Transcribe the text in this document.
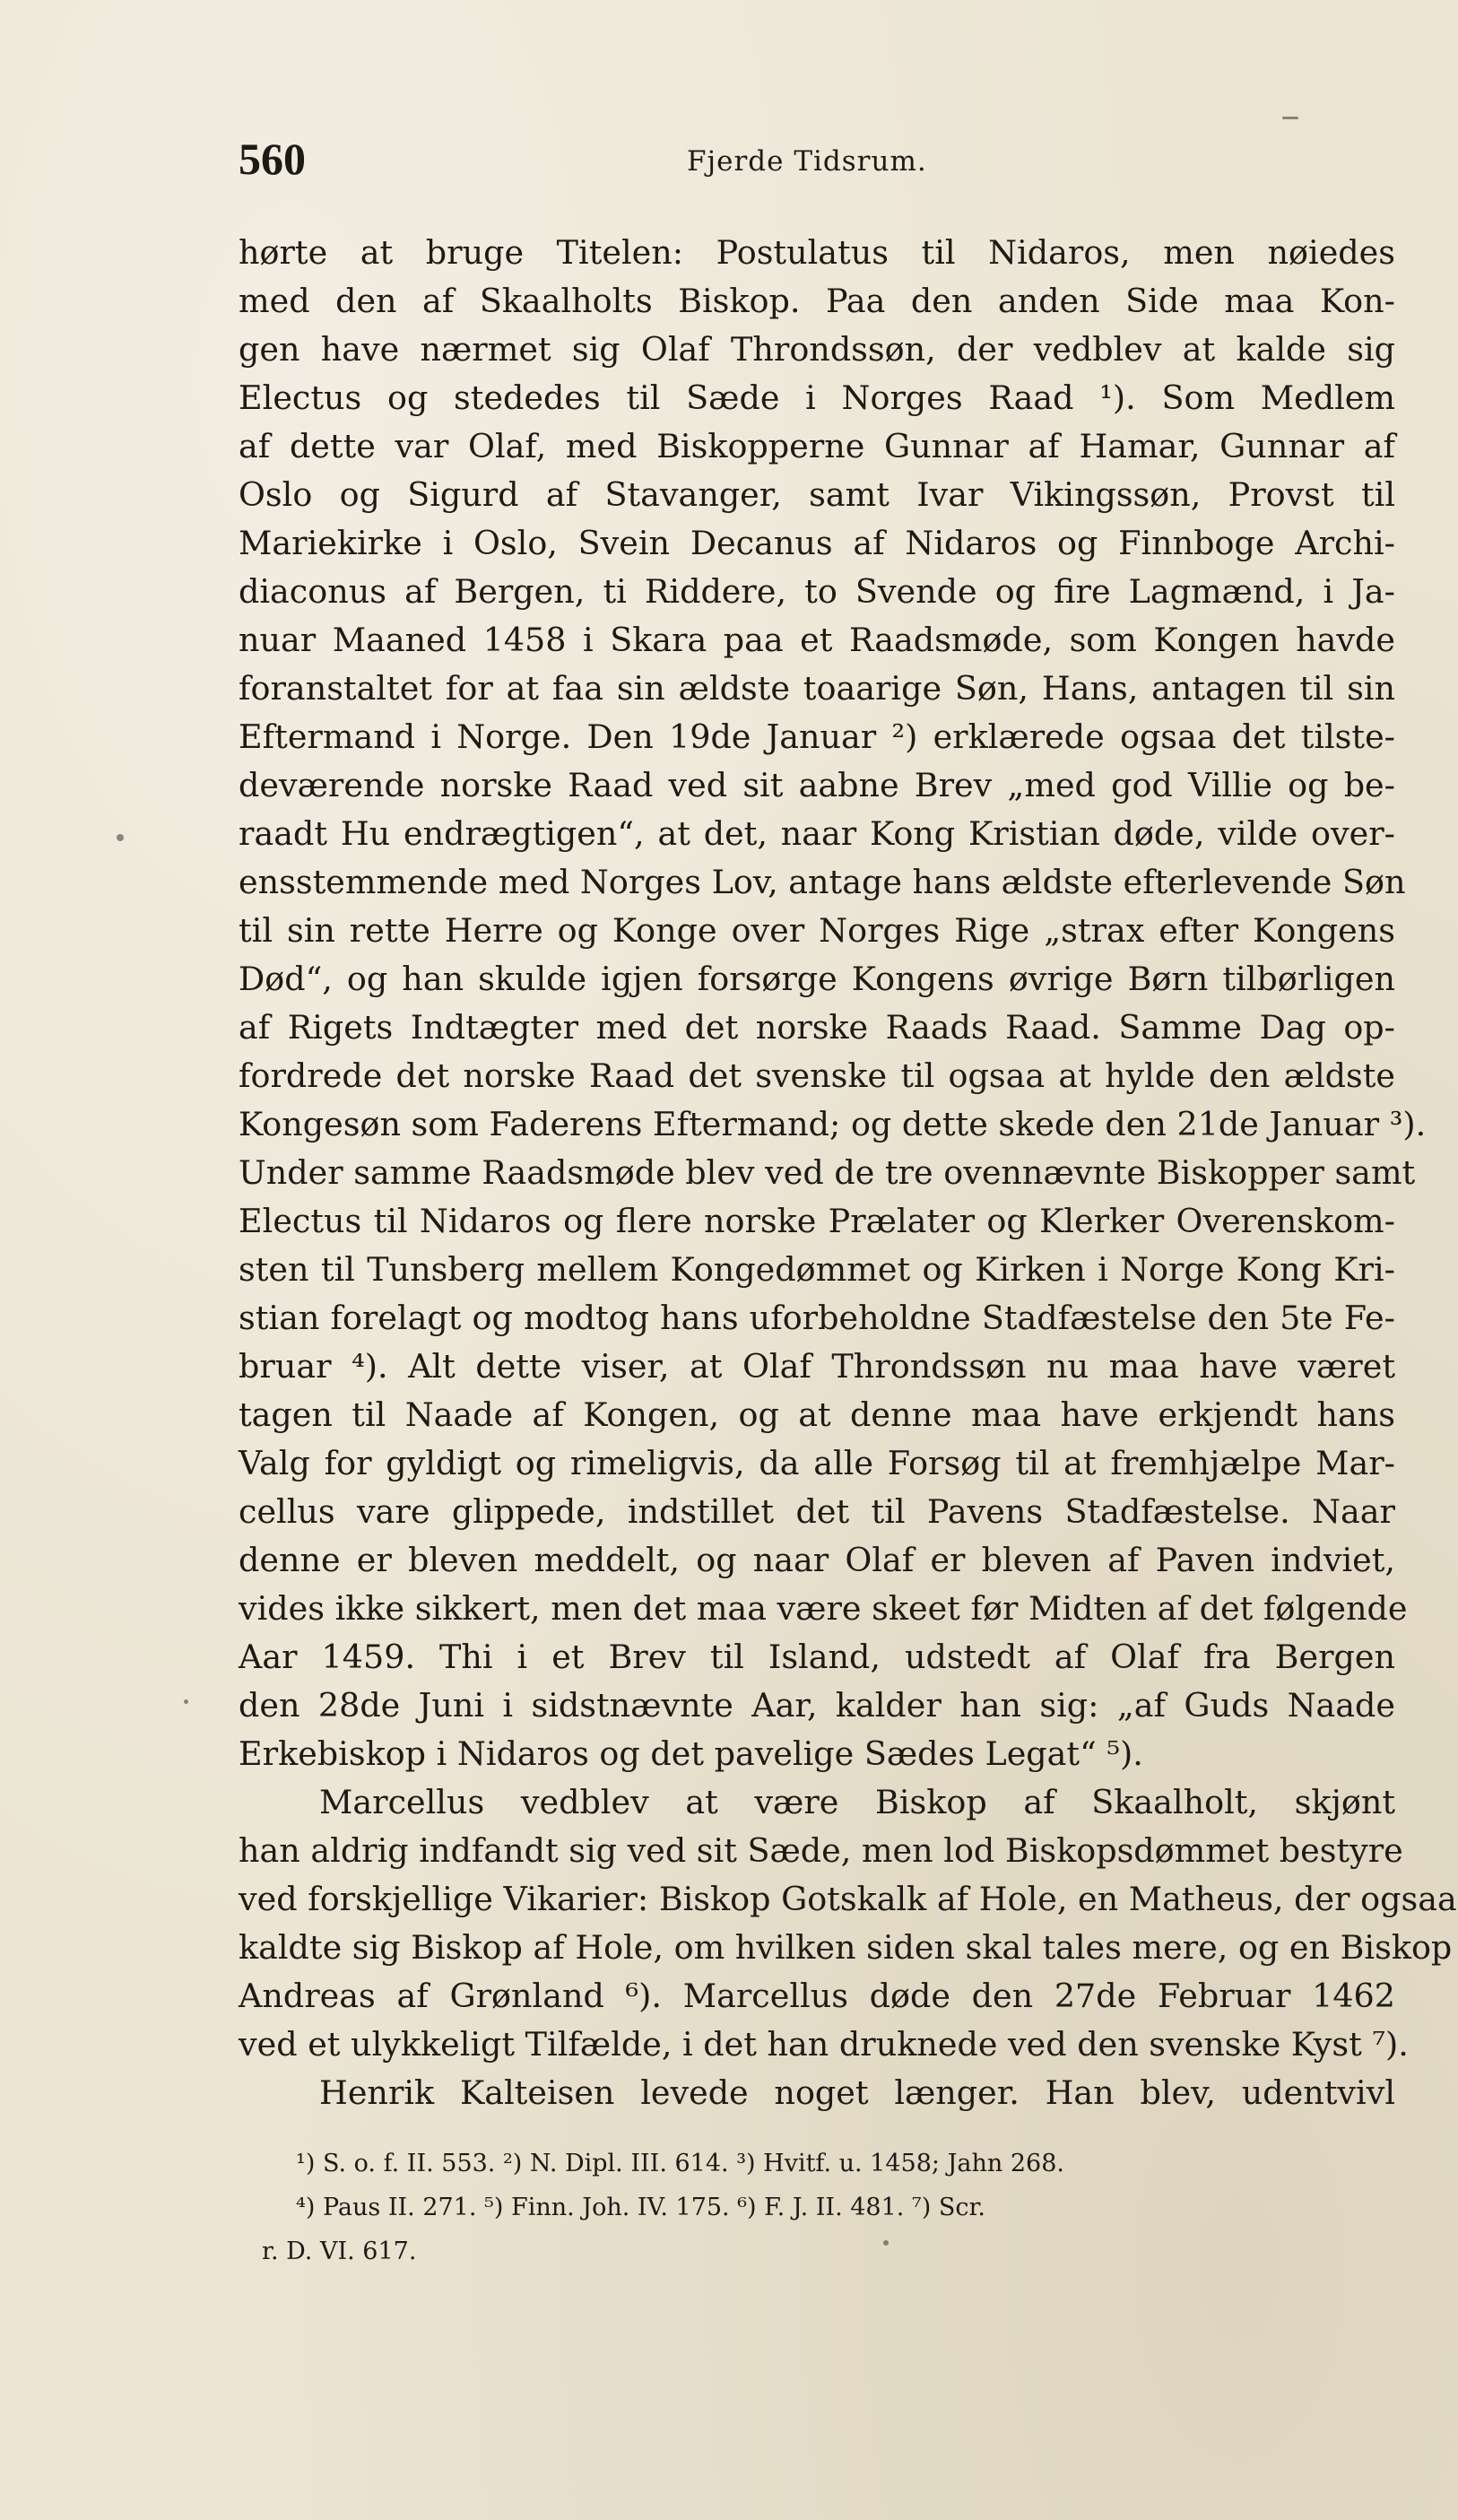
560	Fjerde Tidsrum.
hørte at bruge Titelen: Postulatus til Nidaros, men nøiedes
med den af Skaalholts Biskop. Paa den anden Side maa Kon-
gen have nærmet sig Olaf Throndssøn, der vedblev at kalde sig
Electus og stededes til Sæde i Norges Raad ¹). Som Medlem
af dette var Olaf, med Biskopperne Gunnar af Hamar, Gunnar af
Oslo og Sigurd af Stavanger, samt Ivar Vikingssøn, Provst til
Mariekirke i Oslo, Svein Decanus af Nidaros og Finnboge Archi-
diaconus af Bergen, ti Riddere, to Svende og fire Lagmænd, i Ja-
nuar Maaned 1458 i Skara paa et Raadsmøde, som Kongen havde
foranstaltet for at faa sin ældste toaarige Søn, Hans, antagen til sin
Eftermand i Norge. Den 19de Januar ²) erklærede ogsaa det tilste-
deværende norske Raad ved sit aabne Brev „med god Villie og be-
raadt Hu endrægtigen“, at det, naar Kong Kristian døde, vilde over-
ensstemmende med Norges Lov, antage hans ældste efterlevende Søn
til sin rette Herre og Konge over Norges Rige „strax efter Kongens
Død“, og han skulde igjen forsørge Kongens øvrige Børn tilbørligen
af Rigets Indtægter med det norske Raads Raad. Samme Dag op-
fordrede det norske Raad det svenske til ogsaa at hylde den ældste
Kongesøn som Faderens Eftermand; og dette skede den 21de Januar ³).
Under samme Raadsmøde blev ved de tre ovennævnte Biskopper samt
Electus til Nidaros og flere norske Prælater og Klerker Overenskom-
sten til Tunsberg mellem Kongedømmet og Kirken i Norge Kong Kri-
stian forelagt og modtog hans uforbeholdne Stadfæstelse den 5te Fe-
bruar ⁴). Alt dette viser, at Olaf Throndssøn nu maa have været
tagen til Naade af Kongen, og at denne maa have erkjendt hans
Valg for gyldigt og rimeligvis, da alle Forsøg til at fremhjælpe Mar-
cellus vare glippede, indstillet det til Pavens Stadfæstelse. Naar
denne er bleven meddelt, og naar Olaf er bleven af Paven indviet,
vides ikke sikkert, men det maa være skeet før Midten af det følgende
Aar 1459. Thi i et Brev til Island, udstedt af Olaf fra Bergen
den 28de Juni i sidstnævnte Aar, kalder han sig: „af Guds Naade
Erkebiskop i Nidaros og det pavelige Sædes Legat“ ⁵).
Marcellus vedblev at være Biskop af Skaalholt, skjønt
han aldrig indfandt sig ved sit Sæde, men lod Biskopsdømmet bestyre
ved forskjellige Vikarier: Biskop Gotskalk af Hole, en Matheus, der ogsaa
kaldte sig Biskop af Hole, om hvilken siden skal tales mere, og en Biskop
Andreas af Grønland ⁶). Marcellus døde den 27de Februar 1462
ved et ulykkeligt Tilfælde, i det han druknede ved den svenske Kyst ⁷).
Henrik Kalteisen levede noget længer. Han blev, udentvivl
¹) S. o. f. II. 553. ²) N. Dipl. III. 614. ³) Hvitf. u. 1458; Jahn 268.
⁴) Paus II. 271. ⁵) Finn. Joh. IV. 175. ⁶) F. J. II. 481. ⁷) Scr.
r. D. VI. 617.
